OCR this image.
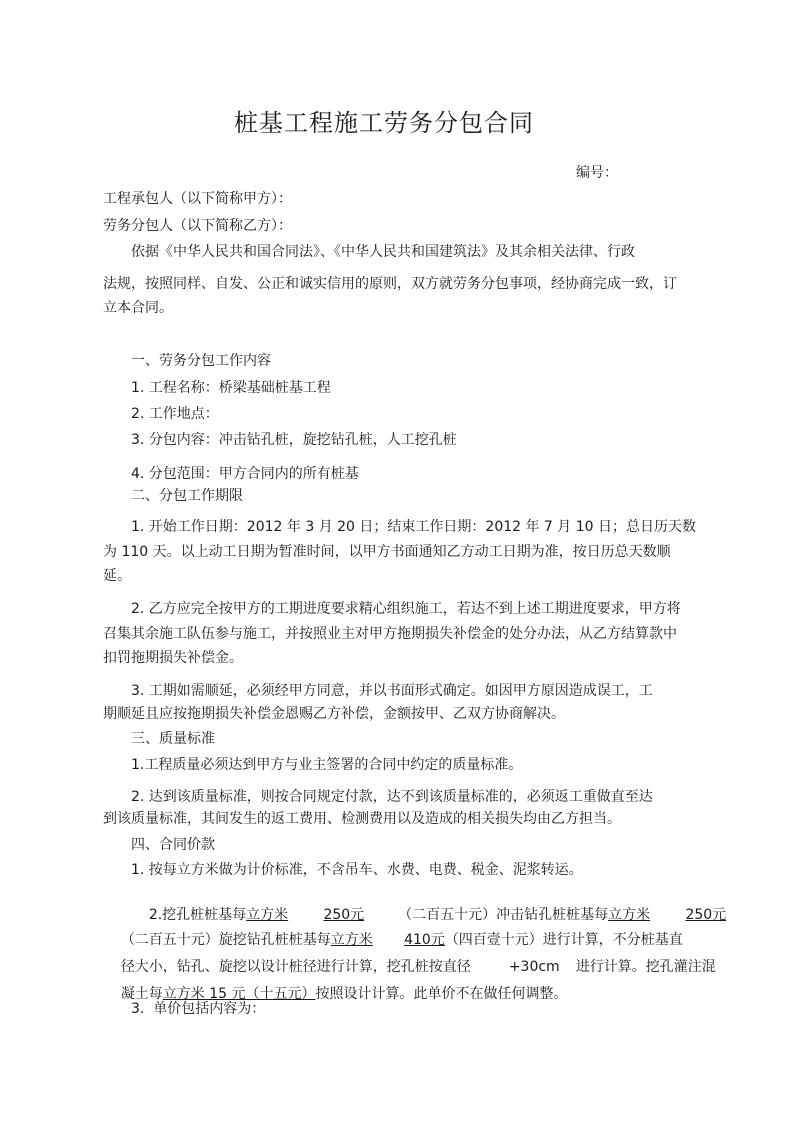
桩基工程施工劳务分包合同
编号：
工程承包人（以下简称甲方）：
劳务分包人（以下简称乙方）：
依据《中华人民共和国合同法》、《中华人民共和国建筑法》及其余相关法律、行政
法规，按照同样、自发、公正和诚实信用的原则，双方就劳务分包事项，经协商完成一致，订
立本合同。
一、劳务分包工作内容
1. 工程名称：桥梁基础桩基工程
2. 工作地点：
3. 分包内容：冲击钻孔桩，旋挖钻孔桩，人工挖孔桩
4. 分包范围：甲方合同内的所有桩基
二、分包工作期限
1. 开始工作日期：2012 年 3 月 20 日；结束工作日期：2012 年 7 月 10 日；总日历天数
为 110 天。以上动工日期为暂准时间，以甲方书面通知乙方动工日期为准，按日历总天数顺
延。
2. 乙方应完全按甲方的工期进度要求精心组织施工，若达不到上述工期进度要求，甲方将
召集其余施工队伍参与施工，并按照业主对甲方拖期损失补偿金的处分办法，从乙方结算款中
扣罚拖期损失补偿金。
3. 工期如需顺延，必须经甲方同意，并以书面形式确定。如因甲方原因造成误工，工
期顺延且应按拖期损失补偿金恩赐乙方补偿，金额按甲、乙双方协商解决。
三、质量标准
1.工程质量必须达到甲方与业主签署的合同中约定的质量标准。
2. 达到该质量标准，则按合同规定付款，达不到该质量标准的，必须返工重做直至达
到该质量标准，其间发生的返工费用、检测费用以及造成的相关损失均由乙方担当。
四、合同价款
1. 按每立方米做为计价标准，不含吊车、水费、电费、税金、泥浆转运。

2.挖孔桩桩基每立方米	250元 （二百五十元）冲击钻孔桩桩基每立方米	250元

（二百五十元）旋挖钻孔桩桩基每立方米 410元（四百壹十元）进行计算，不分桩基直

径大小，钻孔、旋挖以设计桩径进行计算，挖孔桩按直径	+30cm 进行计算。挖孔灌注混

凝土每立方米 15 元（十五元）按照设计计算。此单价不在做任何调整。

3.  单价包括内容为：
